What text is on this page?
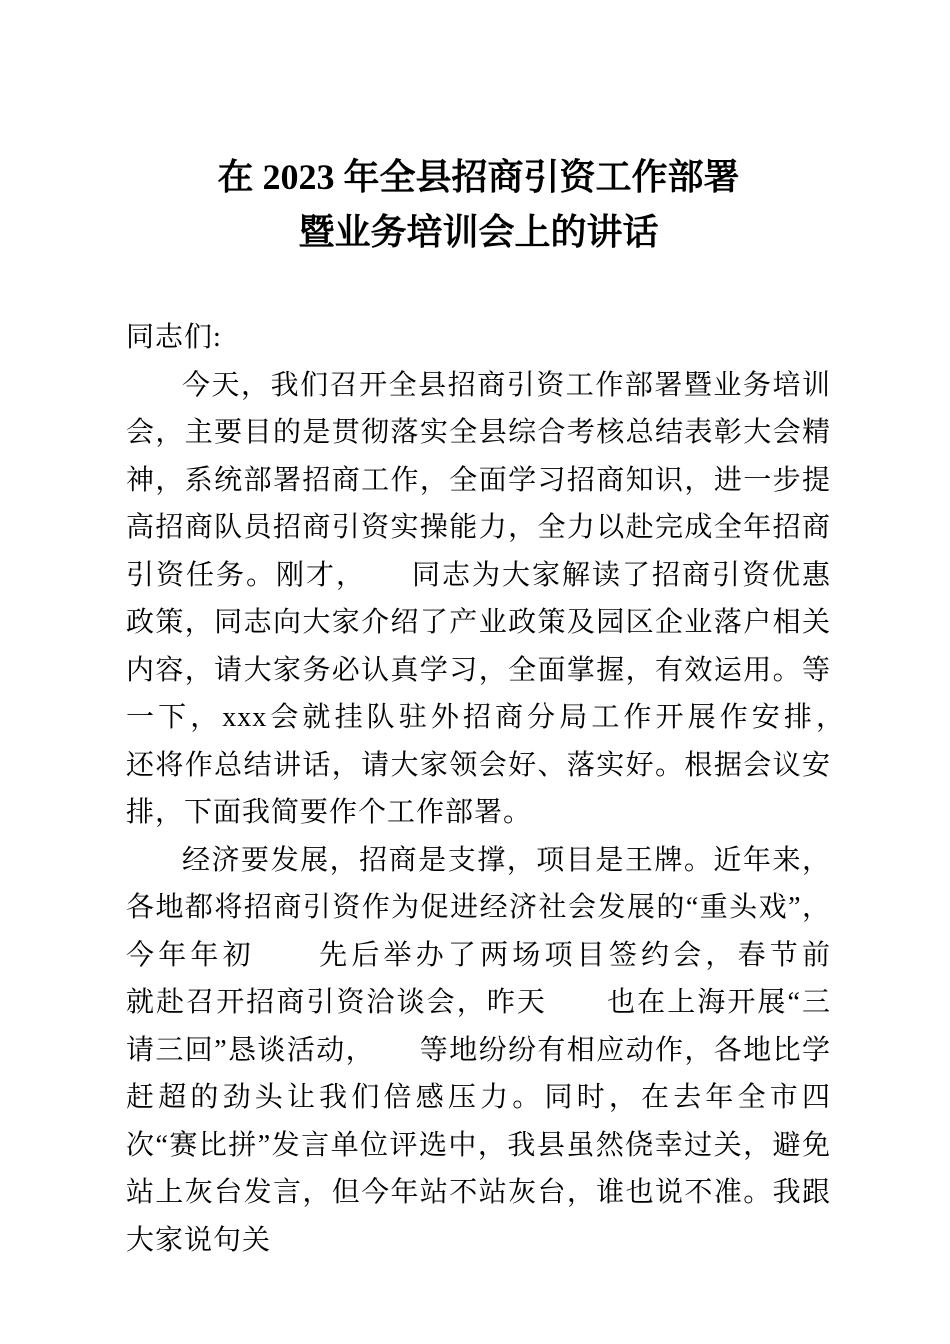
在 2023 年全县招商引资工作部署
暨业务培训会上的讲话

同志们:

今天，我们召开全县招商引资工作部署暨业务培训会，主要目的是贯彻落实全县综合考核总结表彰大会精神，系统部署招商工作，全面学习招商知识，进一步提高招商队员招商引资实操能力，全力以赴完成全年招商引资任务。刚才，　　同志为大家解读了招商引资优惠政策，同志向大家介绍了产业政策及园区企业落户相关内容，请大家务必认真学习，全面掌握，有效运用。等一下，xxx会就挂队驻外招商分局工作开展作安排，　　还将作总结讲话，请大家领会好、落实好。根据会议安排，下面我简要作个工作部署。

经济要发展，招商是支撑，项目是王牌。近年来，各地都将招商引资作为促进经济社会发展的“重头戏”，今年年初　　先后举办了两场项目签约会，春节前　　就赴召开招商引资洽谈会，昨天　　也在上海开展“三请三回”恳谈活动，　　等地纷纷有相应动作，各地比学赶超的劲头让我们倍感压力。同时，在去年全市四次“赛比拼”发言单位评选中，我县虽然侥幸过关，避免站上灰台发言，但今年站不站灰台，谁也说不准。我跟大家说句关
